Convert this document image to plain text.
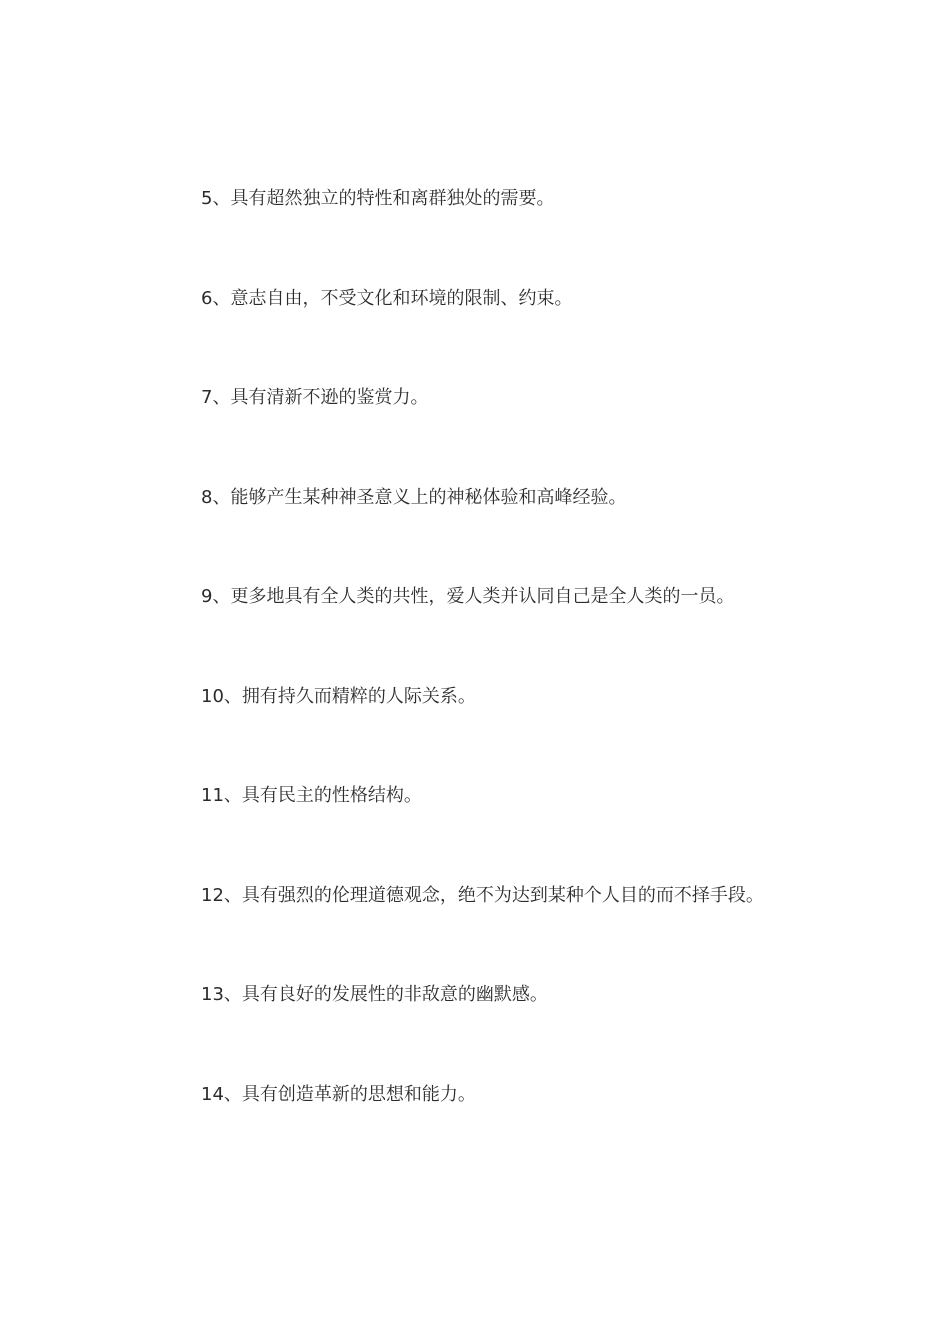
5、具有超然独立的特性和离群独处的需要。
6、意志自由，不受文化和环境的限制、约束。
7、具有清新不逊的鉴赏力。
8、能够产生某种神圣意义上的神秘体验和高峰经验。
9、更多地具有全人类的共性，爱人类并认同自己是全人类的一员。
10、拥有持久而精粹的人际关系。
11、具有民主的性格结构。
12、具有强烈的伦理道德观念，绝不为达到某种个人目的而不择手段。
13、具有良好的发展性的非敌意的幽默感。
14、具有创造革新的思想和能力。
